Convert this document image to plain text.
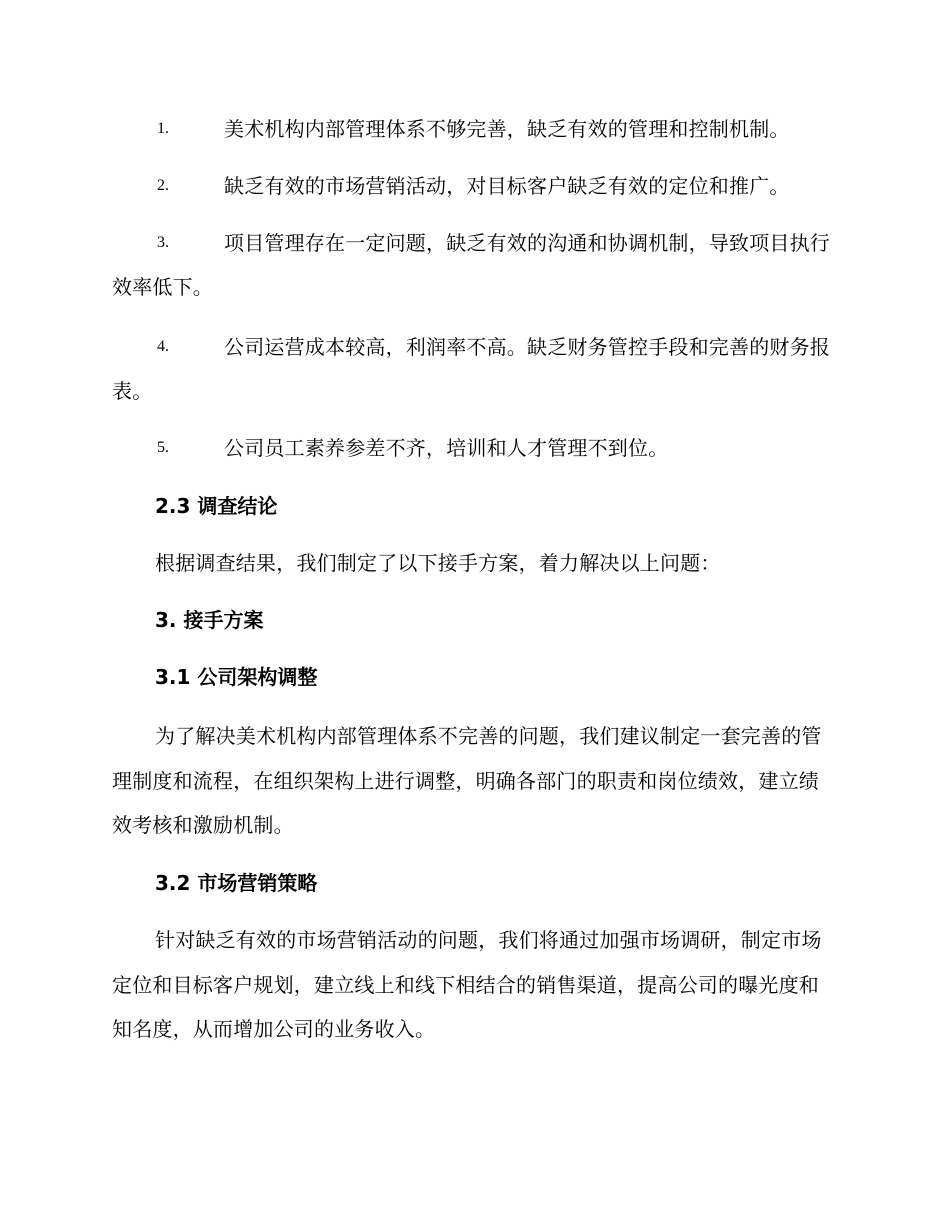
1.	美术机构内部管理体系不够完善，缺乏有效的管理和控制机制。
2.	缺乏有效的市场营销活动，对目标客户缺乏有效的定位和推广。
3.	项目管理存在一定问题，缺乏有效的沟通和协调机制，导致项目执行效率低下。
4.	公司运营成本较高，利润率不高。缺乏财务管控手段和完善的财务报表。
5.	公司员工素养参差不齐，培训和人才管理不到位。
2.3 调查结论

根据调查结果，我们制定了以下接手方案，着力解决以上问题：

3. 接手方案
3.1 公司架构调整

为了解决美术机构内部管理体系不完善的问题，我们建议制定一套完善的管理制度和流程，在组织架构上进行调整，明确各部门的职责和岗位绩效，建立绩效考核和激励机制。

3.2 市场营销策略

针对缺乏有效的市场营销活动的问题，我们将通过加强市场调研，制定市场定位和目标客户规划，建立线上和线下相结合的销售渠道，提高公司的曝光度和知名度，从而增加公司的业务收入。
